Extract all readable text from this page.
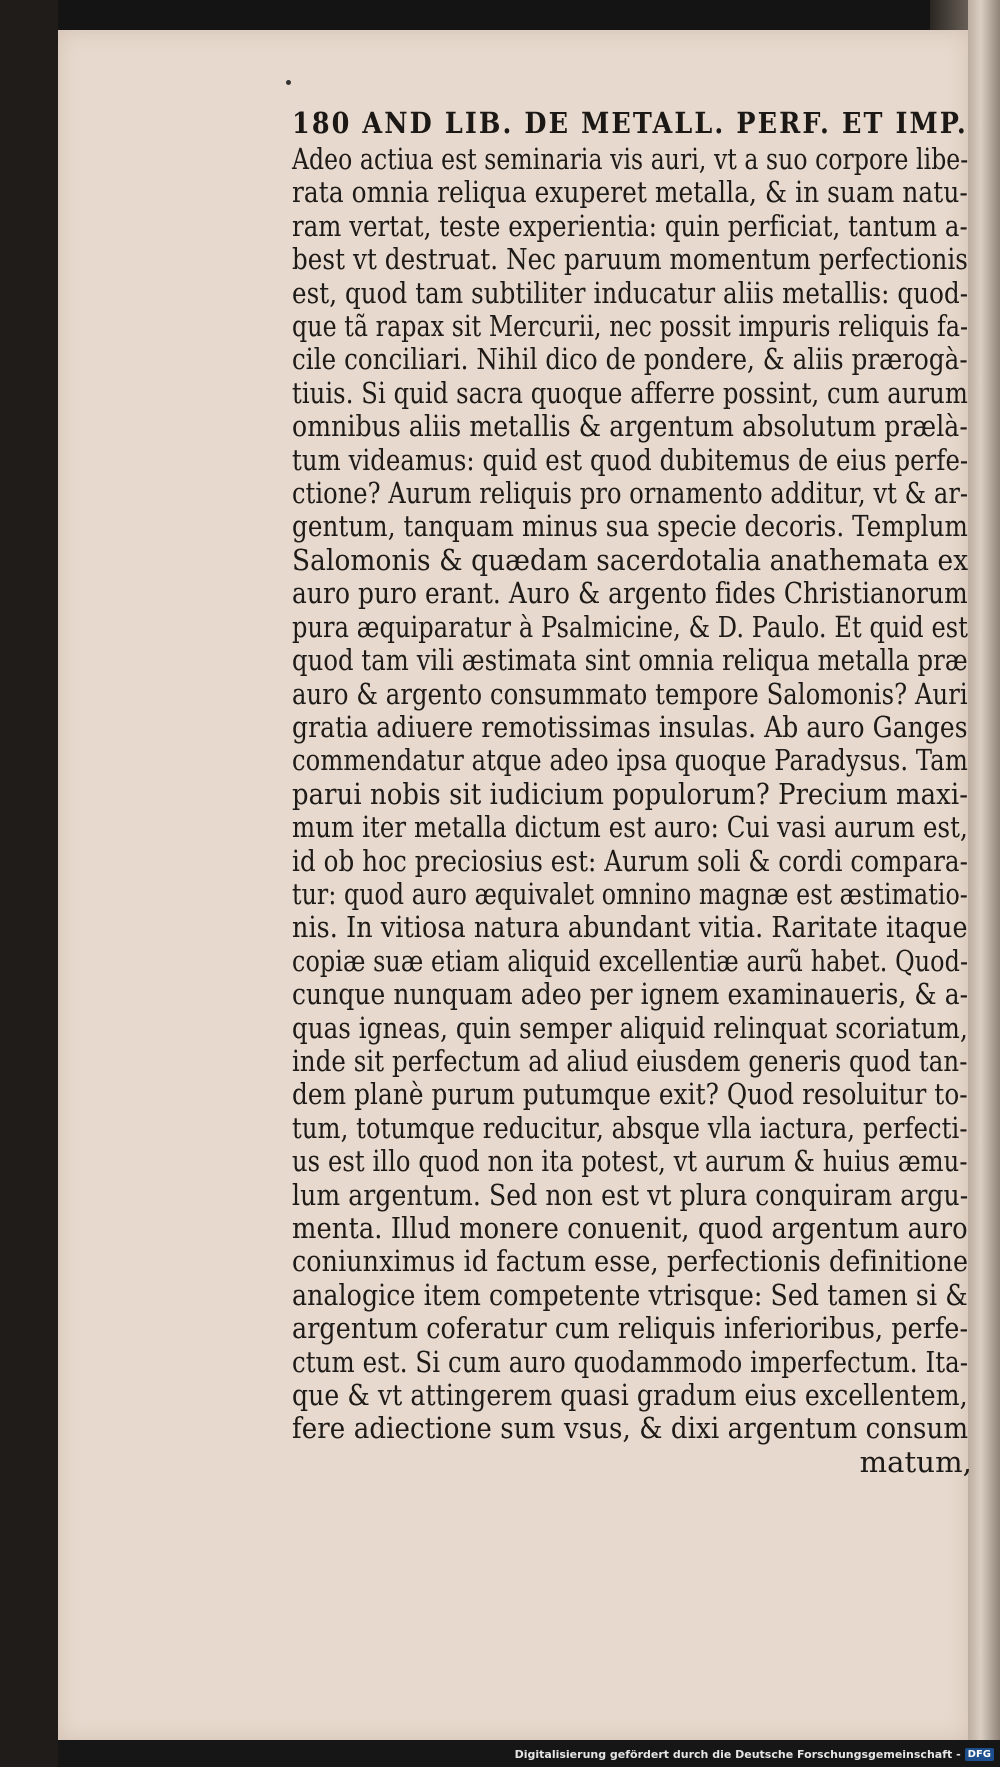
180 AND LIB. DE METALL. PERF. ET IMP.
Adeo actiua est seminaria vis auri, vt a suo corpore libe-
rata omnia reliqua exuperet metalla, & in suam natu-
ram vertat, teste experientia: quin perficiat, tantum a-
best vt destruat. Nec paruum momentum perfectionis
est, quod tam subtiliter inducatur aliis metallis: quod-
que tã rapax sit Mercurii, nec possit impuris reliquis fa-
cile conciliari. Nihil dico de pondere, & aliis prærogà-
tiuis. Si quid sacra quoque afferre possint, cum aurum
omnibus aliis metallis & argentum absolutum prælà-
tum videamus: quid est quod dubitemus de eius perfe-
ctione? Aurum reliquis pro ornamento additur, vt & ar-
gentum, tanquam minus sua specie decoris. Templum
Salomonis & quædam sacerdotalia anathemata ex
auro puro erant. Auro & argento fides Christianorum
pura æquiparatur à Psalmicine, & D. Paulo. Et quid est
quod tam vili æstimata sint omnia reliqua metalla præ
auro & argento consummato tempore Salomonis? Auri
gratia adiuere remotissimas insulas. Ab auro Ganges
commendatur atque adeo ipsa quoque Paradysus. Tam
parui nobis sit iudicium populorum? Precium maxi-
mum iter metalla dictum est auro: Cui vasi aurum est,
id ob hoc preciosius est: Aurum soli & cordi compara-
tur: quod auro æquivalet omnino magnæ est æstimatio-
nis. In vitiosa natura abundant vitia. Raritate itaque
copiæ suæ etiam aliquid excellentiæ aurũ habet. Quod-
cunque nunquam adeo per ignem examinaueris, & a-
quas igneas, quin semper aliquid relinquat scoriatum,
inde sit perfectum ad aliud eiusdem generis quod tan-
dem planè purum putumque exit? Quod resoluitur to-
tum, totumque reducitur, absque vlla iactura, perfecti-
us est illo quod non ita potest, vt aurum & huius æmu-
lum argentum. Sed non est vt plura conquiram argu-
menta. Illud monere conuenit, quod argentum auro
coniunximus id factum esse, perfectionis definitione
analogice item competente vtrisque: Sed tamen si &
argentum coferatur cum reliquis inferioribus, perfe-
ctum est. Si cum auro quodammodo imperfectum. Ita-
que & vt attingerem quasi gradum eius excellentem,
fere adiectione sum vsus, & dixi argentum consum
matum,
Digitalisierung gefördert durch die Deutsche Forschungsgemeinschaft - DFG
